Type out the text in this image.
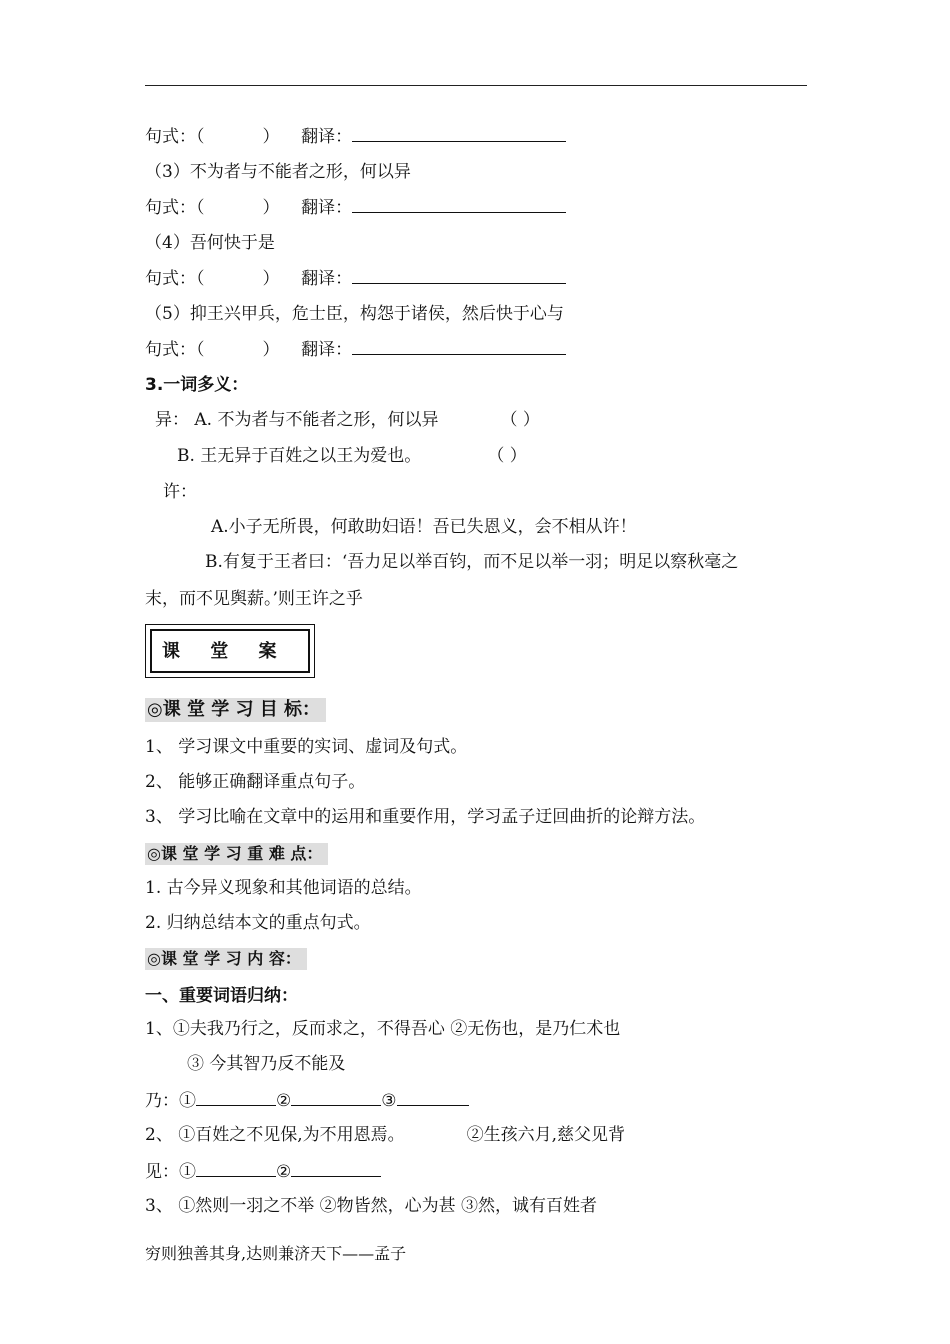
句式：（	） 翻译：
（3）不为者与不能者之形，何以异
句式：（	） 翻译：
（4）吾何快于是
句式：（	） 翻译：
（5）抑王兴甲兵，危士臣，构怨于诸侯，然后快于心与
句式：（	） 翻译：
3.一词多义：
异： A. 不为者与不能者之形，何以异	（ ）
B. 王无异于百姓之以王为爱也。	（ ）
许：
A.小子无所畏，何敢助妇语！吾已失恩义，会不相从许！
B.有复于王者曰：‘吾力足以举百钧，而不足以举一羽；明足以察秋毫之
末，而不见舆薪。’则王许之乎
课 堂 案
◎课 堂 学 习 目 标：
1、 学习课文中重要的实词、虚词及句式。
2、 能够正确翻译重点句子。
3、 学习比喻在文章中的运用和重要作用，学习孟子迂回曲折的论辩方法。
◎课 堂 学 习 重 难 点：
1. 古今异义现象和其他词语的总结。
2. 归纳总结本文的重点句式。
◎课 堂 学 习 内 容：
一、重要词语归纳：
1、①夫我乃行之，反而求之，不得吾心 ②无伤也，是乃仁术也
③ 今其智乃反不能及
乃：①	②	③
2、 ①百姓之不见保,为不用恩焉。	②生孩六月,慈父见背
见：①	②
3、 ①然则一羽之不举 ②物皆然，心为甚 ③然，诚有百姓者
穷则独善其身,达则兼济天下——孟子
